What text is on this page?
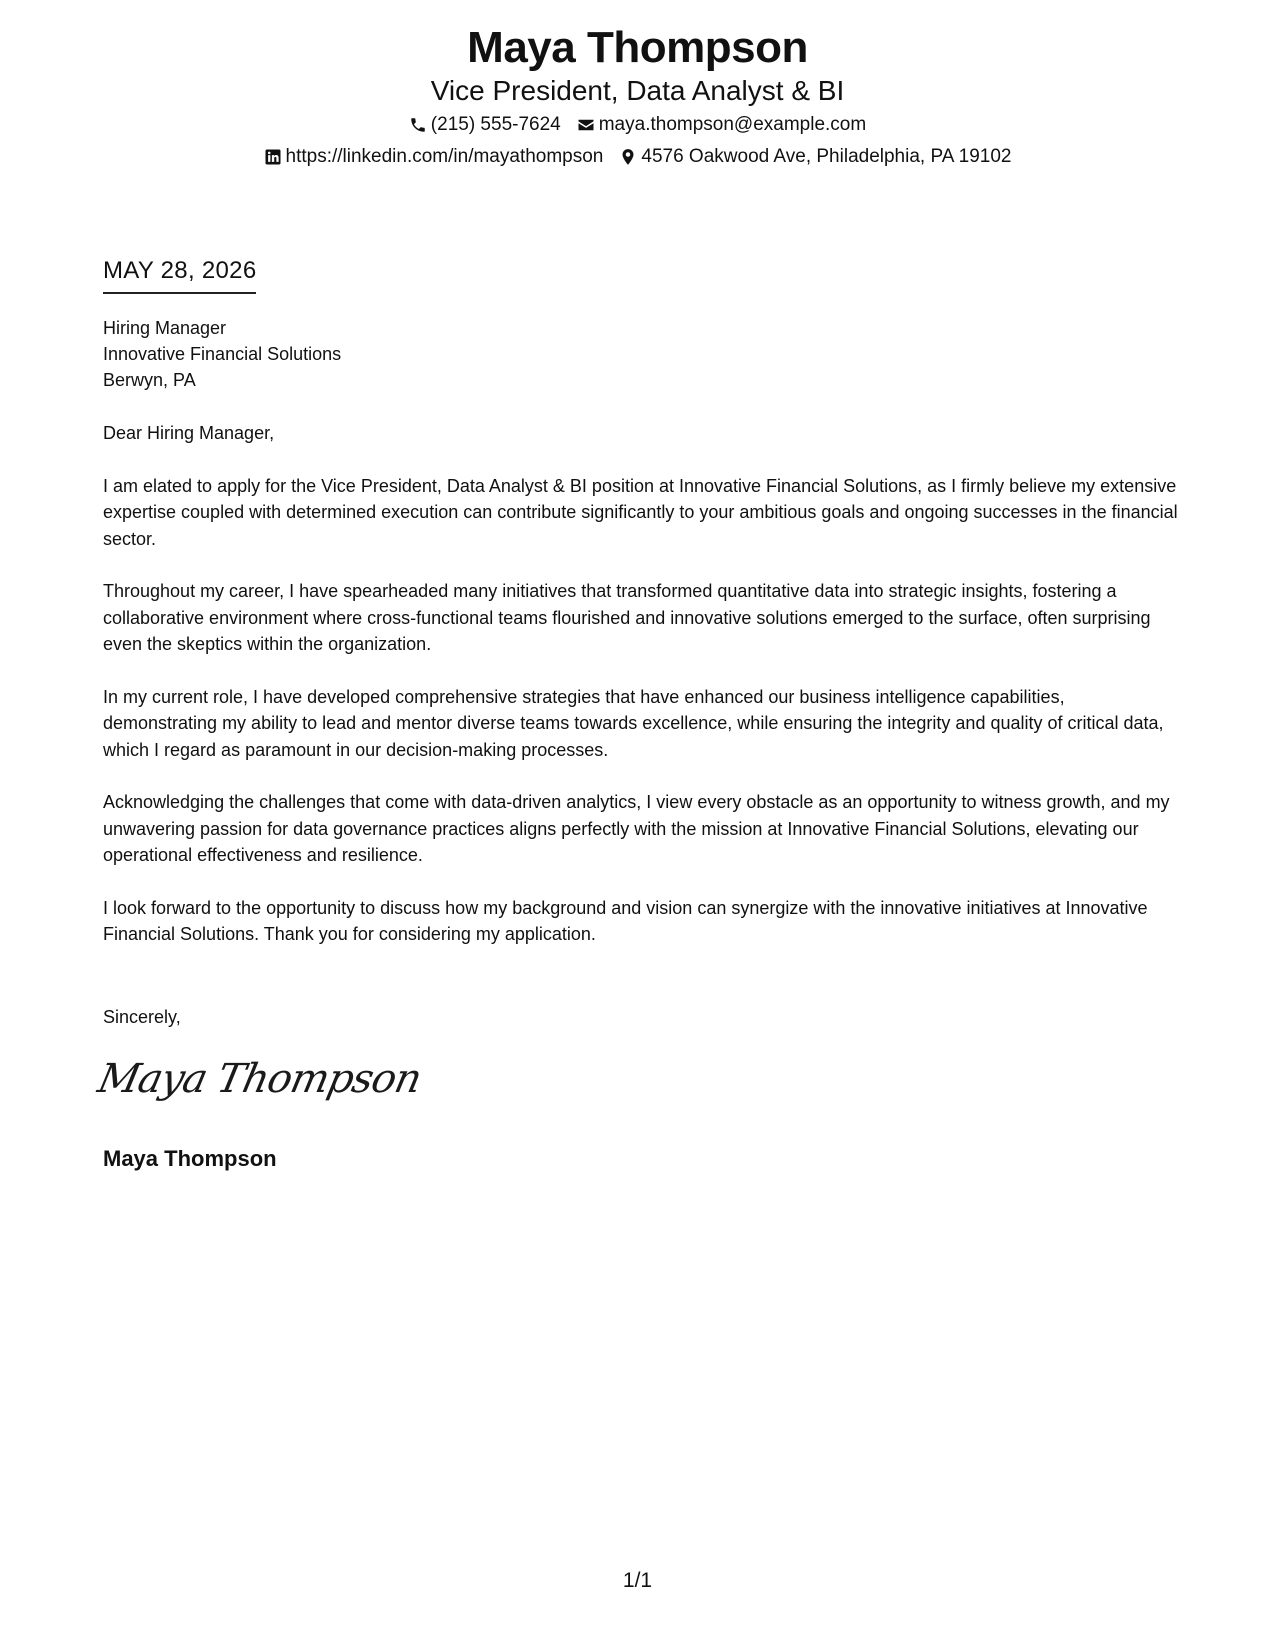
Maya Thompson
Vice President, Data Analyst & BI
(215) 555-7624 maya.thompson@example.com
https://linkedin.com/in/mayathompson 4576 Oakwood Ave, Philadelphia, PA 19102
MAY 28, 2026
Hiring Manager
Innovative Financial Solutions
Berwyn, PA

Dear Hiring Manager,

I am elated to apply for the Vice President, Data Analyst & BI position at Innovative Financial Solutions, as I firmly believe my extensive expertise coupled with determined execution can contribute significantly to your ambitious goals and ongoing successes in the financial sector.

Throughout my career, I have spearheaded many initiatives that transformed quantitative data into strategic insights, fostering a collaborative environment where cross-functional teams flourished and innovative solutions emerged to the surface, often surprising even the skeptics within the organization.

In my current role, I have developed comprehensive strategies that have enhanced our business intelligence capabilities, demonstrating my ability to lead and mentor diverse teams towards excellence, while ensuring the integrity and quality of critical data, which I regard as paramount in our decision-making processes.

Acknowledging the challenges that come with data-driven analytics, I view every obstacle as an opportunity to witness growth, and my unwavering passion for data governance practices aligns perfectly with the mission at Innovative Financial Solutions, elevating our operational effectiveness and resilience.

I look forward to the opportunity to discuss how my background and vision can synergize with the innovative initiatives at Innovative Financial Solutions. Thank you for considering my application.

Sincerely,
Maya Thompson
Maya Thompson
1/1
